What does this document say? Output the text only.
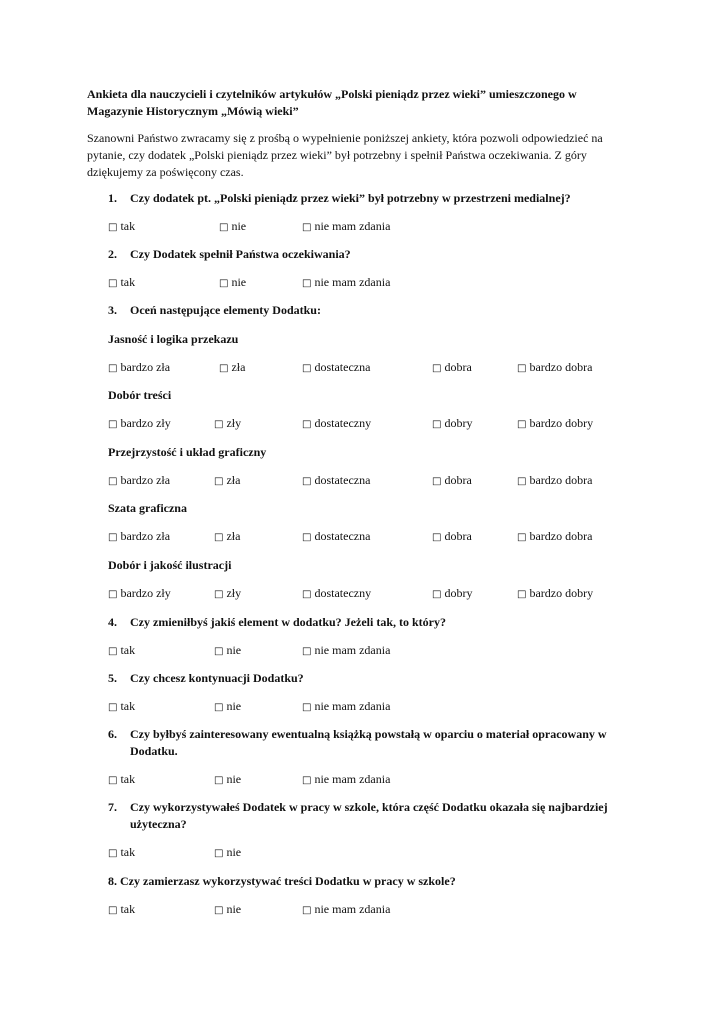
Ankieta dla nauczycieli i czytelników artykułów „Polski pieniądz przez wieki” umieszczonego w Magazynie Historycznym „Mówią wieki”
Szanowni Państwo zwracamy się z prośbą o wypełnienie poniższej ankiety, która pozwoli odpowiedzieć na pytanie, czy dodatek „Polski pieniądz przez wieki” był potrzebny i spełnił Państwa oczekiwania. Z góry dziękujemy za poświęcony czas.
1.	Czy dodatek pt. „Polski pieniądz przez wieki” był potrzebny w przestrzeni medialnej?
□ tak	□ nie	□ nie mam zdania
2.	Czy Dodatek spełnił Państwa oczekiwania?
□ tak	□ nie	□ nie mam zdania
3.	Oceń następujące elementy Dodatku:
Jasność i logika przekazu
□ bardzo zła	□ zła	□ dostateczna	□ dobra	□ bardzo dobra
Dobór treści
□ bardzo zły	□ zły	□ dostateczny	□ dobry	□ bardzo dobry
Przejrzystość i układ graficzny
□ bardzo zła	□ zła	□ dostateczna	□ dobra	□ bardzo dobra
Szata graficzna
□ bardzo zła	□ zła	□ dostateczna	□ dobra	□ bardzo dobra
Dobór i jakość ilustracji
□ bardzo zły	□ zły	□ dostateczny	□ dobry	□ bardzo dobry
4.	Czy zmieniłbyś jakiś element w dodatku? Jeżeli tak, to który?
□ tak	□ nie	□ nie mam zdania
5.	Czy chcesz kontynuacji Dodatku?
□ tak	□ nie	□ nie mam zdania
6.	Czy byłbyś zainteresowany ewentualną książką powstałą w oparciu o materiał opracowany w Dodatku.
□ tak	□ nie	□ nie mam zdania
7.	Czy wykorzystywałeś Dodatek w pracy w szkole, która część Dodatku okazała się najbardziej użyteczna?
□ tak	□ nie
8. Czy zamierzasz wykorzystywać treści Dodatku w pracy w szkole?
□ tak	□ nie	□ nie mam zdania
